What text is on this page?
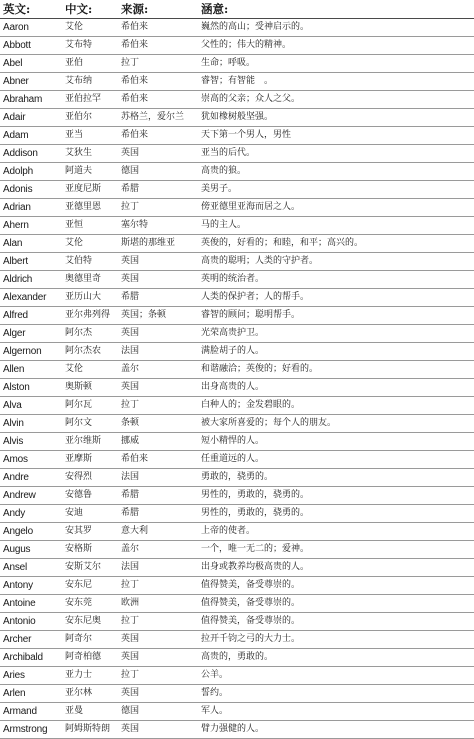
英文:	中文:	来源:	涵意:
Aaron	艾伦	希伯来	巍然的高山；受神启示的。
Abbott	艾布特	希伯来	父性的；伟大的精神。
Abel	亚伯	拉丁	生命；呼吸。
Abner	艾布纳	希伯来	睿智；有智能　。
Abraham	亚伯拉罕	希伯来	崇高的父亲；众人之父。
Adair	亚伯尔	苏格兰，爱尔兰	犹如橡树般坚强。
Adam	亚当	希伯来	天下第一个男人，男性
Addison	艾狄生	英国	亚当的后代。
Adolph	阿道夫	德国	高贵的狼。
Adonis	亚度尼斯	希腊	美男子。
Adrian	亚德里恩	拉丁	傍亚德里亚海而居之人。
Ahern	亚恒	塞尔特	马的主人。
Alan	艾伦	斯堪的那维亚	英俊的，好看的；和睦，和平；高兴的。
Albert	艾伯特	英国	高贵的聪明；人类的守护者。
Aldrich	奥德里奇	英国	英明的统治者。
Alexander	亚历山大	希腊	人类的保护者；人的帮手。
Alfred	亚尔弗列得	英国；条顿	睿智的顾问；聪明帮手。
Alger	阿尔杰	英国	光荣高贵护卫。
Algernon	阿尔杰农	法国	满脸胡子的人。
Allen	艾伦	盖尔	和谐融洽；英俊的；好看的。
Alston	奥斯顿	英国	出身高贵的人。
Alva	阿尔瓦	拉丁	白种人的；金发碧眼的。
Alvin	阿尔文	条顿	被大家所喜爱的；每个人的朋友。
Alvis	亚尔维斯	挪威	短小精悍的人。
Amos	亚摩斯	希伯来	任重道远的人。
Andre	安得烈	法国	勇敢的，骁勇的。
Andrew	安德鲁	希腊	男性的，勇敢的，骁勇的。
Andy	安迪	希腊	男性的，勇敢的，骁勇的。
Angelo	安其罗	意大利	上帝的使者。
Augus	安格斯	盖尔	一个，唯一无二的；爱神。
Ansel	安斯艾尔	法国	出身或教养均极高贵的人。
Antony	安东尼	拉丁	值得赞美，备受尊崇的。
Antoine	安东莞	欧洲	值得赞美，备受尊崇的。
Antonio	安东尼奥	拉丁	值得赞美，备受尊崇的。
Archer	阿奇尔	英国	拉开千钧之弓的大力士。
Archibald	阿奇柏德	英国	高贵的，勇敢的。
Aries	亚力士	拉丁	公羊。
Arlen	亚尔林	英国	誓约。
Armand	亚曼	德国	军人。
Armstrong	阿姆斯特朗	英国	臂力强健的人。
